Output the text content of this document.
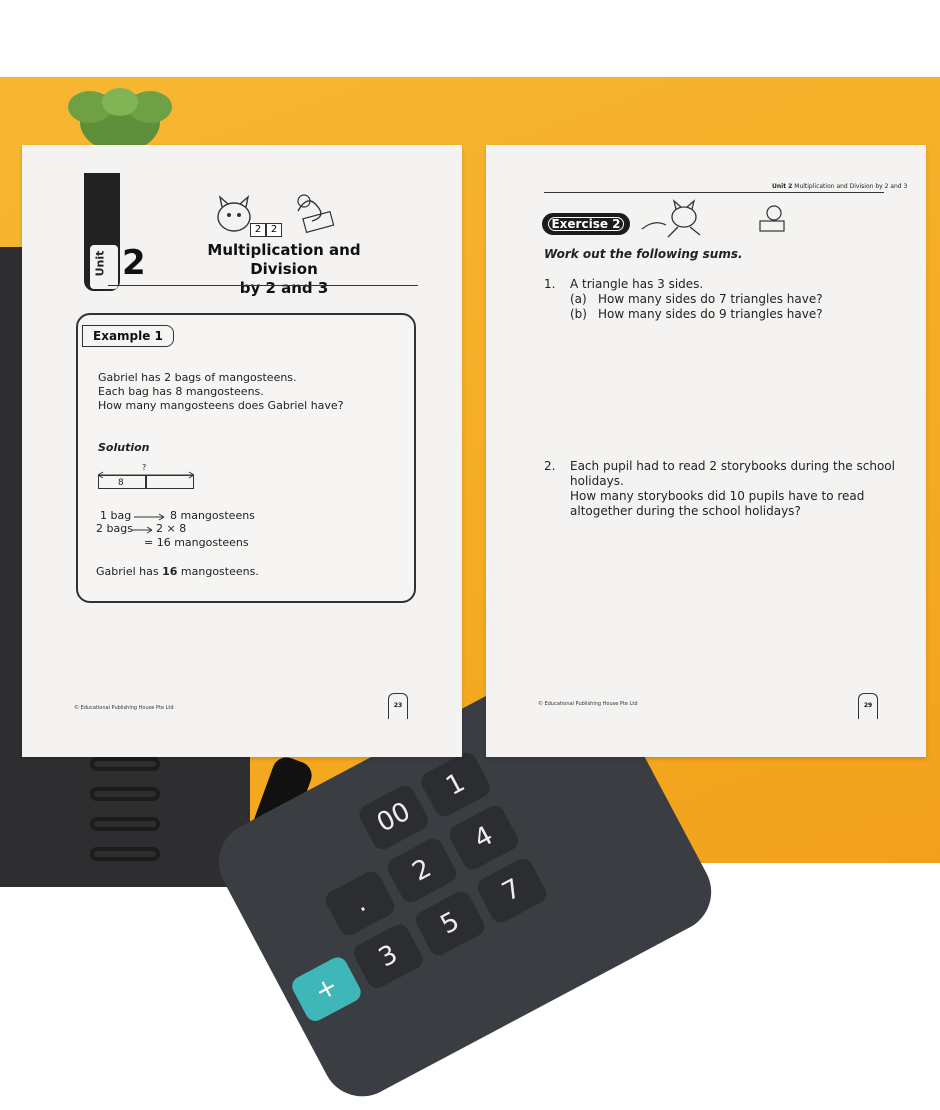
00
.
2
1
4
3
5
7
+
Unit 2
2 2
Multiplication and Division
by 2 and 3
Example 1
Gabriel has 2 bags of mangosteens.
Each bag has 8 mangosteens.
How many mangosteens does Gabriel have?
Solution
?
8
1 bag	8 mangosteens
2 bags 2 × 8
= 16 mangosteens
Gabriel has 16 mangosteens.
© Educational Publishing House Pte Ltd	23
Unit 2 Multiplication and Division by 2 and 3
Exercise 2
Work out the following sums.
1. A triangle has 3 sides.
(a) How many sides do 7 triangles have?
(b) How many sides do 9 triangles have?
2. Each pupil had to read 2 storybooks during the school
holidays.
How many storybooks did 10 pupils have to read
altogether during the school holidays?
© Educational Publishing House Pte Ltd	29
